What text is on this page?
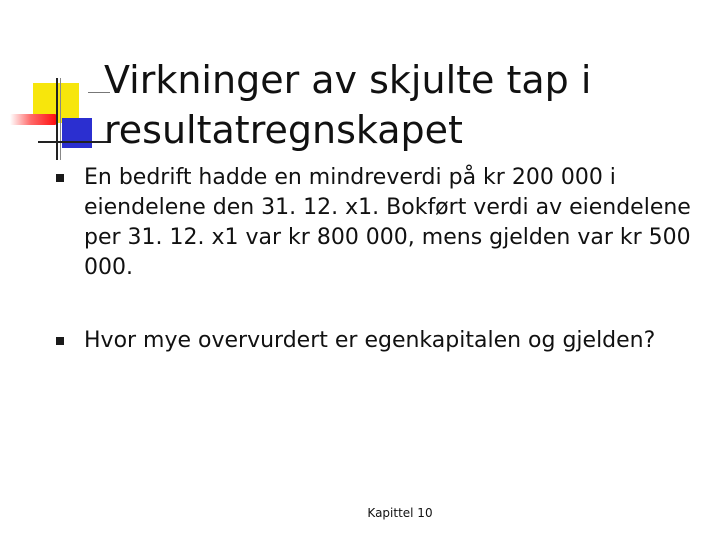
Virkninger av skjulte tap i resultatregnskapet
En bedrift hadde en mindreverdi på kr 200 000 i eiendelene den 31. 12. x1. Bokført verdi av eiendelene per 31. 12. x1 var kr 800 000, mens gjelden var kr 500 000.
Hvor mye overvurdert er egenkapitalen og gjelden?
Kapittel 10
